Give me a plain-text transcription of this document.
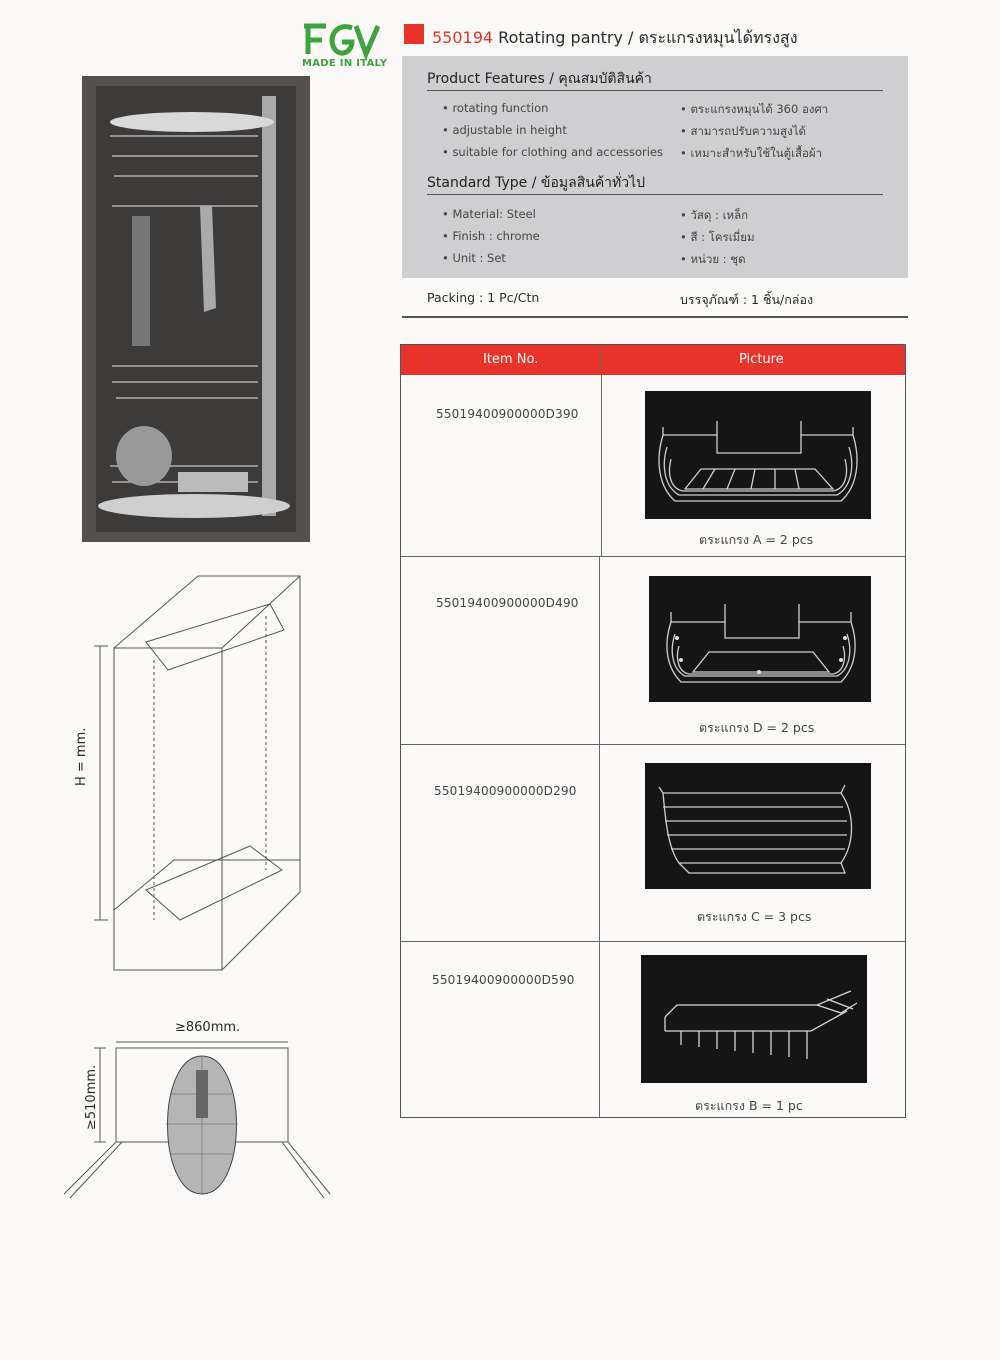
MADE IN ITALY
550194 Rotating pantry / ตระแกรงหมุนได้ทรงสูง
Product Features / คุณสมบัติสินค้า
• rotating function
• adjustable in height
• suitable for clothing and accessories
• ตระแกรงหมุนได้ 360 องศา
• สามารถปรับความสูงได้
• เหมาะสำหรับใช้ในตู้เสื้อผ้า
Standard Type / ข้อมูลสินค้าทั่วไป
• Material: Steel
• Finish : chrome
• Unit : Set
• วัสดุ : เหล็ก
• สี : โครเมี่ยม
• หน่วย : ชุด
Packing : 1 Pc/Ctn	บรรจุภัณฑ์ : 1 ชิ้น/กล่อง
Item No.	Picture
55019400900000D390
ตระแกรง A = 2 pcs
55019400900000D490
ตระแกรง D = 2 pcs
55019400900000D290
ตระแกรง C = 3 pcs
55019400900000D590
ตระแกรง B = 1 pc
H = mm.
≥860mm.
≥510mm.
